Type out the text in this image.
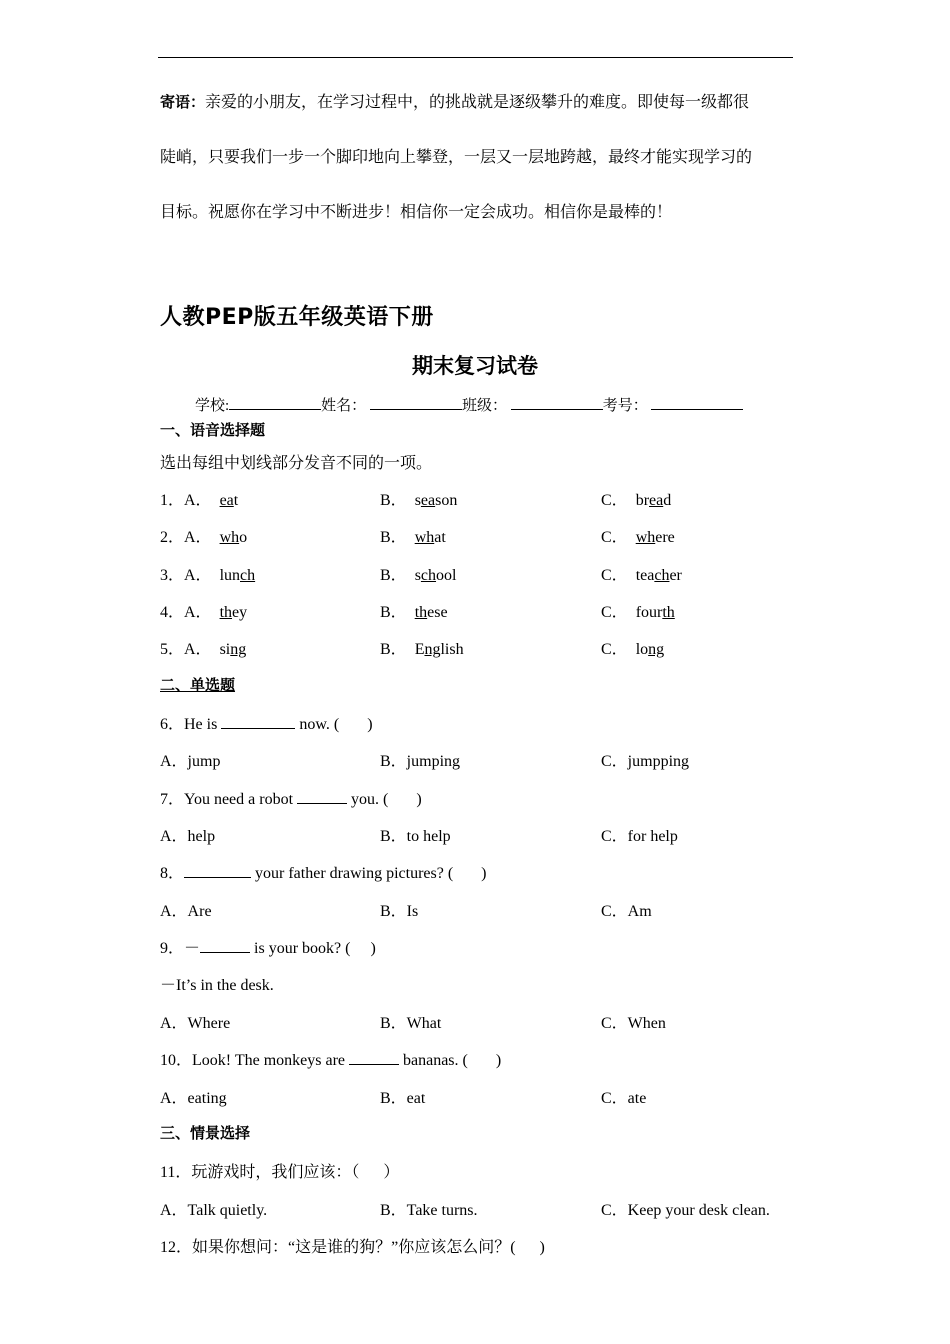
寄语：亲爱的小朋友，在学习过程中，的挑战就是逐级攀升的难度。即使每一级都很
陡峭，只要我们一步一个脚印地向上攀登，一层又一层地跨越，最终才能实现学习的
目标。祝愿你在学习中不断进步！相信你一定会成功。相信你是最棒的！
人教PEP版五年级英语下册
期末复习试卷
学校:	姓名：	班级：	考号：
一、语音选择题
选出每组中划线部分发音不同的一项。
1．A． eat	B． season	C． bread
2．A． who	B． what	C． where
3．A． lunch	B． school	C． teacher
4．A． they	B． these	C． fourth
5．A． sing	B． English	C． long
二、单选题
6．He is	now. ( )
A．jump	B．jumping	C．jumpping
7．You need a robot	you. ( )
A．help	B．to help	C．for help
8．	your father drawing pictures? ( )
A．Are	B．Is	C．Am
9．－	is your book? ( )
－It’s in the desk.
A．Where	B．What	C．When
10．Look! The monkeys are	bananas. ( )
A．eating	B．eat	C．ate
三、情景选择
11．玩游戏时，我们应该：（ ）
A．Talk quietly.	B．Take turns.	C．Keep your desk clean.
12．如果你想问：“这是谁的狗？”你应该怎么问？( )
